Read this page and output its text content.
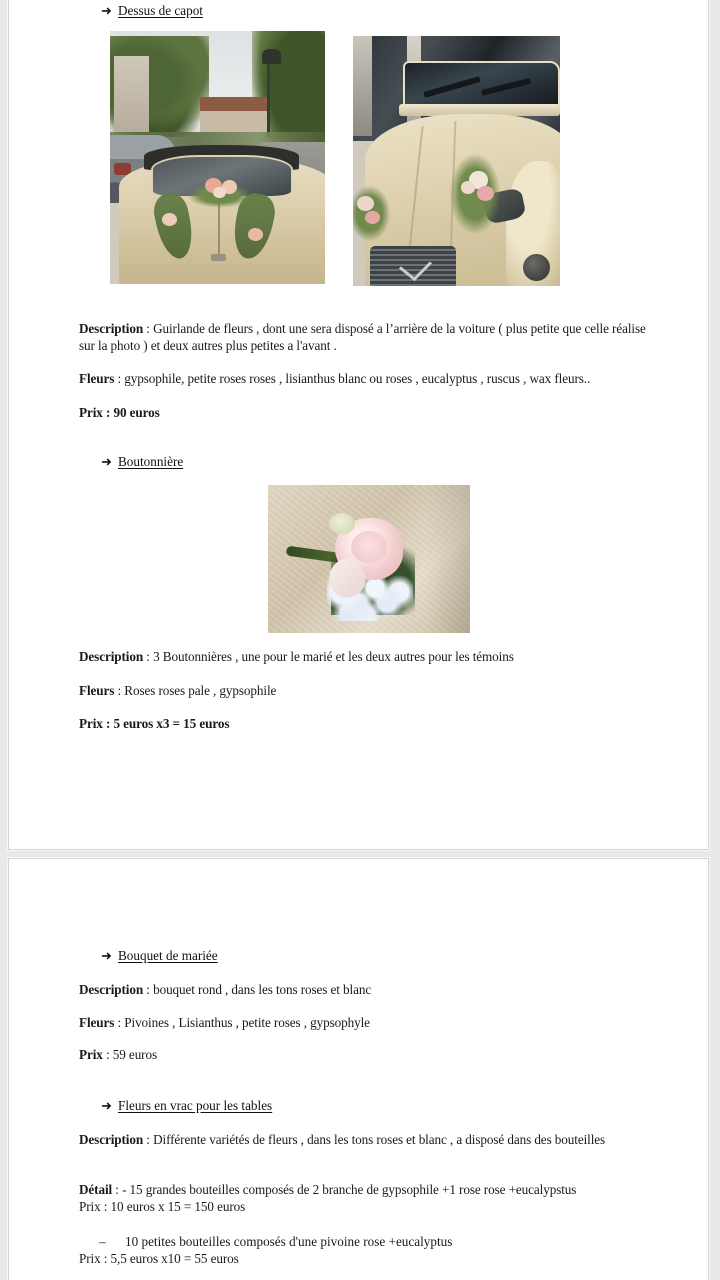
➜ Dessus de capot
Description : Guirlande de fleurs , dont une sera disposé a l’arrière de la voiture ( plus petite que celle réalise sur la photo ) et deux autres plus petites a l'avant .
Fleurs : gypsophile, petite roses roses , lisianthus blanc ou roses , eucalyptus , ruscus , wax fleurs..
Prix : 90 euros
➜ Boutonnière
Description : 3 Boutonnières , une pour le marié et les deux autres pour les témoins
Fleurs : Roses roses pale , gypsophile
Prix : 5 euros x3 = 15 euros
➜ Bouquet de mariée
Description : bouquet rond , dans les tons roses et blanc
Fleurs : Pivoines , Lisianthus , petite roses , gypsophyle
Prix : 59 euros
➜ Fleurs en vrac pour les tables
Description : Différente variétés de fleurs , dans les tons roses et blanc , a disposé dans des bouteilles
Détail : - 15 grandes bouteilles composés de 2 branche de gypsophile +1 rose rose +eucalypstus
Prix : 10 euros x 15 = 150 euros
– 10 petites bouteilles composés d'une pivoine rose +eucalyptus
Prix : 5,5 euros x10 = 55 euros
